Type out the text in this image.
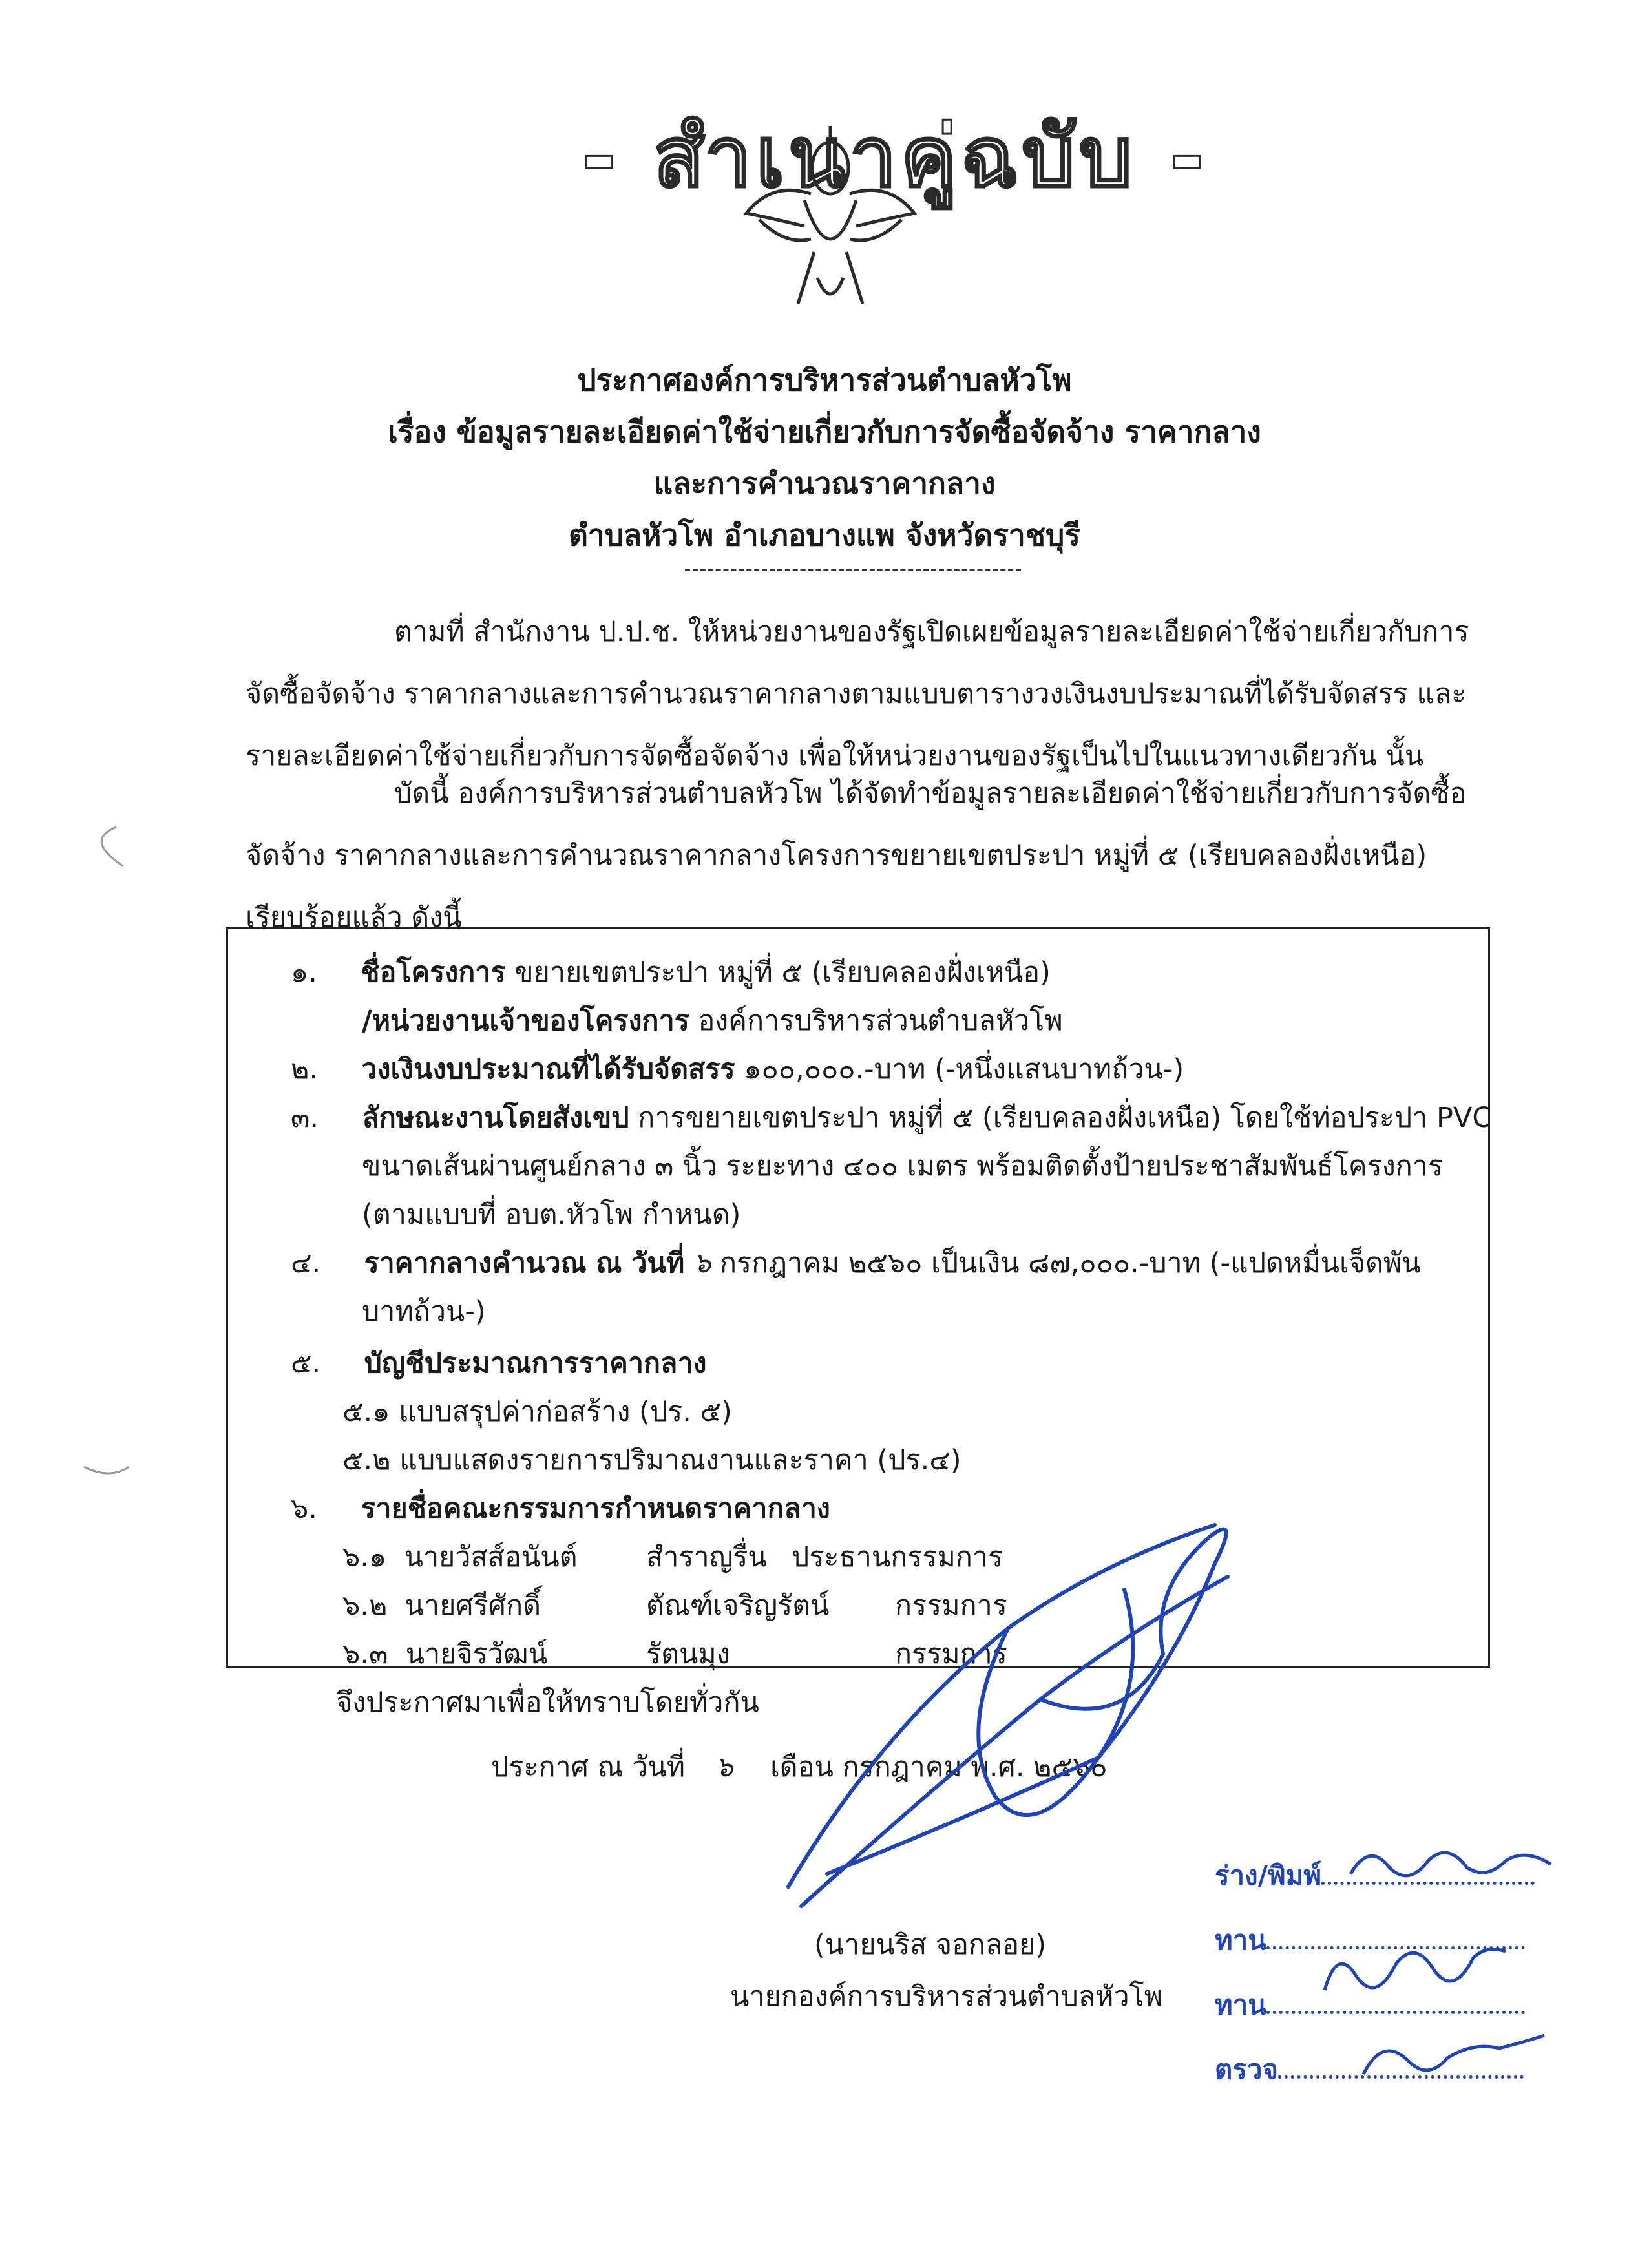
- สำเนาคู่ฉบับ -
ประกาศองค์การบริหารส่วนตำบลหัวโพ
เรื่อง ข้อมูลรายละเอียดค่าใช้จ่ายเกี่ยวกับการจัดซื้อจัดจ้าง ราคากลาง
และการคำนวณราคากลาง
ตำบลหัวโพ อำเภอบางแพ จังหวัดราชบุรี
ตามที่ สำนักงาน ป.ป.ช. ให้หน่วยงานของรัฐเปิดเผยข้อมูลรายละเอียดค่าใช้จ่ายเกี่ยวกับการ
จัดซื้อจัดจ้าง ราคากลางและการคำนวณราคากลางตามแบบตารางวงเงินงบประมาณที่ได้รับจัดสรร และ
รายละเอียดค่าใช้จ่ายเกี่ยวกับการจัดซื้อจัดจ้าง เพื่อให้หน่วยงานของรัฐเป็นไปในแนวทางเดียวกัน นั้น
บัดนี้ องค์การบริหารส่วนตำบลหัวโพ ได้จัดทำข้อมูลรายละเอียดค่าใช้จ่ายเกี่ยวกับการจัดซื้อ
จัดจ้าง ราคากลางและการคำนวณราคากลางโครงการขยายเขตประปา หมู่ที่ ๕ (เรียบคลองฝั่งเหนือ)
เรียบร้อยแล้ว ดังนี้
๑. ชื่อโครงการ ขยายเขตประปา หมู่ที่ ๕ (เรียบคลองฝั่งเหนือ)
/หน่วยงานเจ้าของโครงการ องค์การบริหารส่วนตำบลหัวโพ
๒. วงเงินงบประมาณที่ได้รับจัดสรร ๑๐๐,๐๐๐.-บาท (-หนึ่งแสนบาทถ้วน-)
๓. ลักษณะงานโดยสังเขป การขยายเขตประปา หมู่ที่ ๕ (เรียบคลองฝั่งเหนือ) โดยใช้ท่อประปา PVC
ขนาดเส้นผ่านศูนย์กลาง ๓ นิ้ว ระยะทาง ๔๐๐ เมตร พร้อมติดตั้งป้ายประชาสัมพันธ์โครงการ
(ตามแบบที่ อบต.หัวโพ กำหนด)
๔. ราคากลางคำนวณ ณ วันที่ ๖ กรกฎาคม ๒๕๖๐ เป็นเงิน ๘๗,๐๐๐.-บาท (-แปดหมื่นเจ็ดพัน
บาทถ้วน-)
๕. บัญชีประมาณการราคากลาง
๕.๑ แบบสรุปค่าก่อสร้าง (ปร. ๕)
๕.๒ แบบแสดงรายการปริมาณงานและราคา (ปร.๔)
๖. รายชื่อคณะกรรมการกำหนดราคากลาง
๖.๑ นายวัสส์อนันต์ สำราญรื่น ประธานกรรมการ
๖.๒ นายศรีศักดิ์	ตัณฑ์เจริญรัตน์ กรรมการ
๖.๓ นายจิรวัฒน์	รัตนมุง	กรรมการ
จึงประกาศมาเพื่อให้ทราบโดยทั่วกัน
ประกาศ ณ วันที่ ๖ เดือน กรกฎาคม พ.ศ. ๒๕๖๐
(นายนริส จอกลอย)
นายกองค์การบริหารส่วนตำบลหัวโพ
ร่าง/พิมพ์
ทาน
ทาน
ตรวจ
